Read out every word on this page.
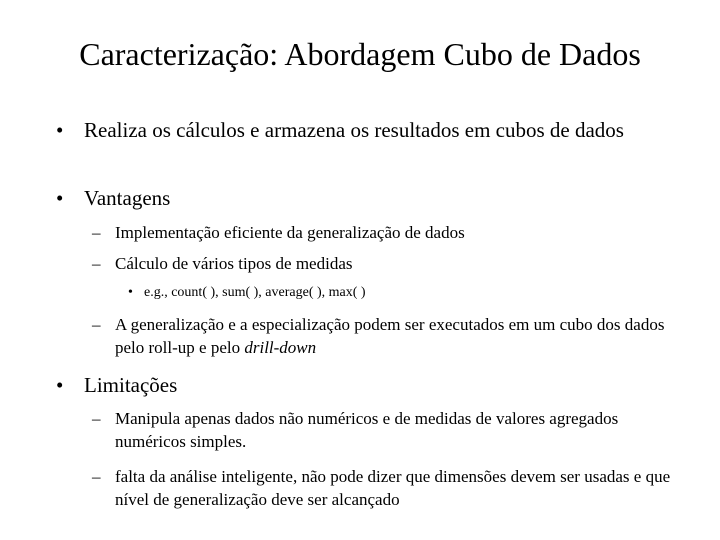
Caracterização: Abordagem Cubo de Dados
• Realiza os cálculos e armazena os resultados em cubos de dados
• Vantagens
– Implementação eficiente da generalização de dados
– Cálculo de vários tipos de medidas
• e.g., count( ), sum( ), average( ), max( )
– A generalização e a especialização podem ser executados em um cubo dos dados pelo roll-up e pelo drill-down
• Limitações
– Manipula apenas dados não numéricos e de medidas de valores agregados numéricos simples.
– falta da análise inteligente, não pode dizer que dimensões devem ser usadas e que nível de generalização deve ser alcançado
